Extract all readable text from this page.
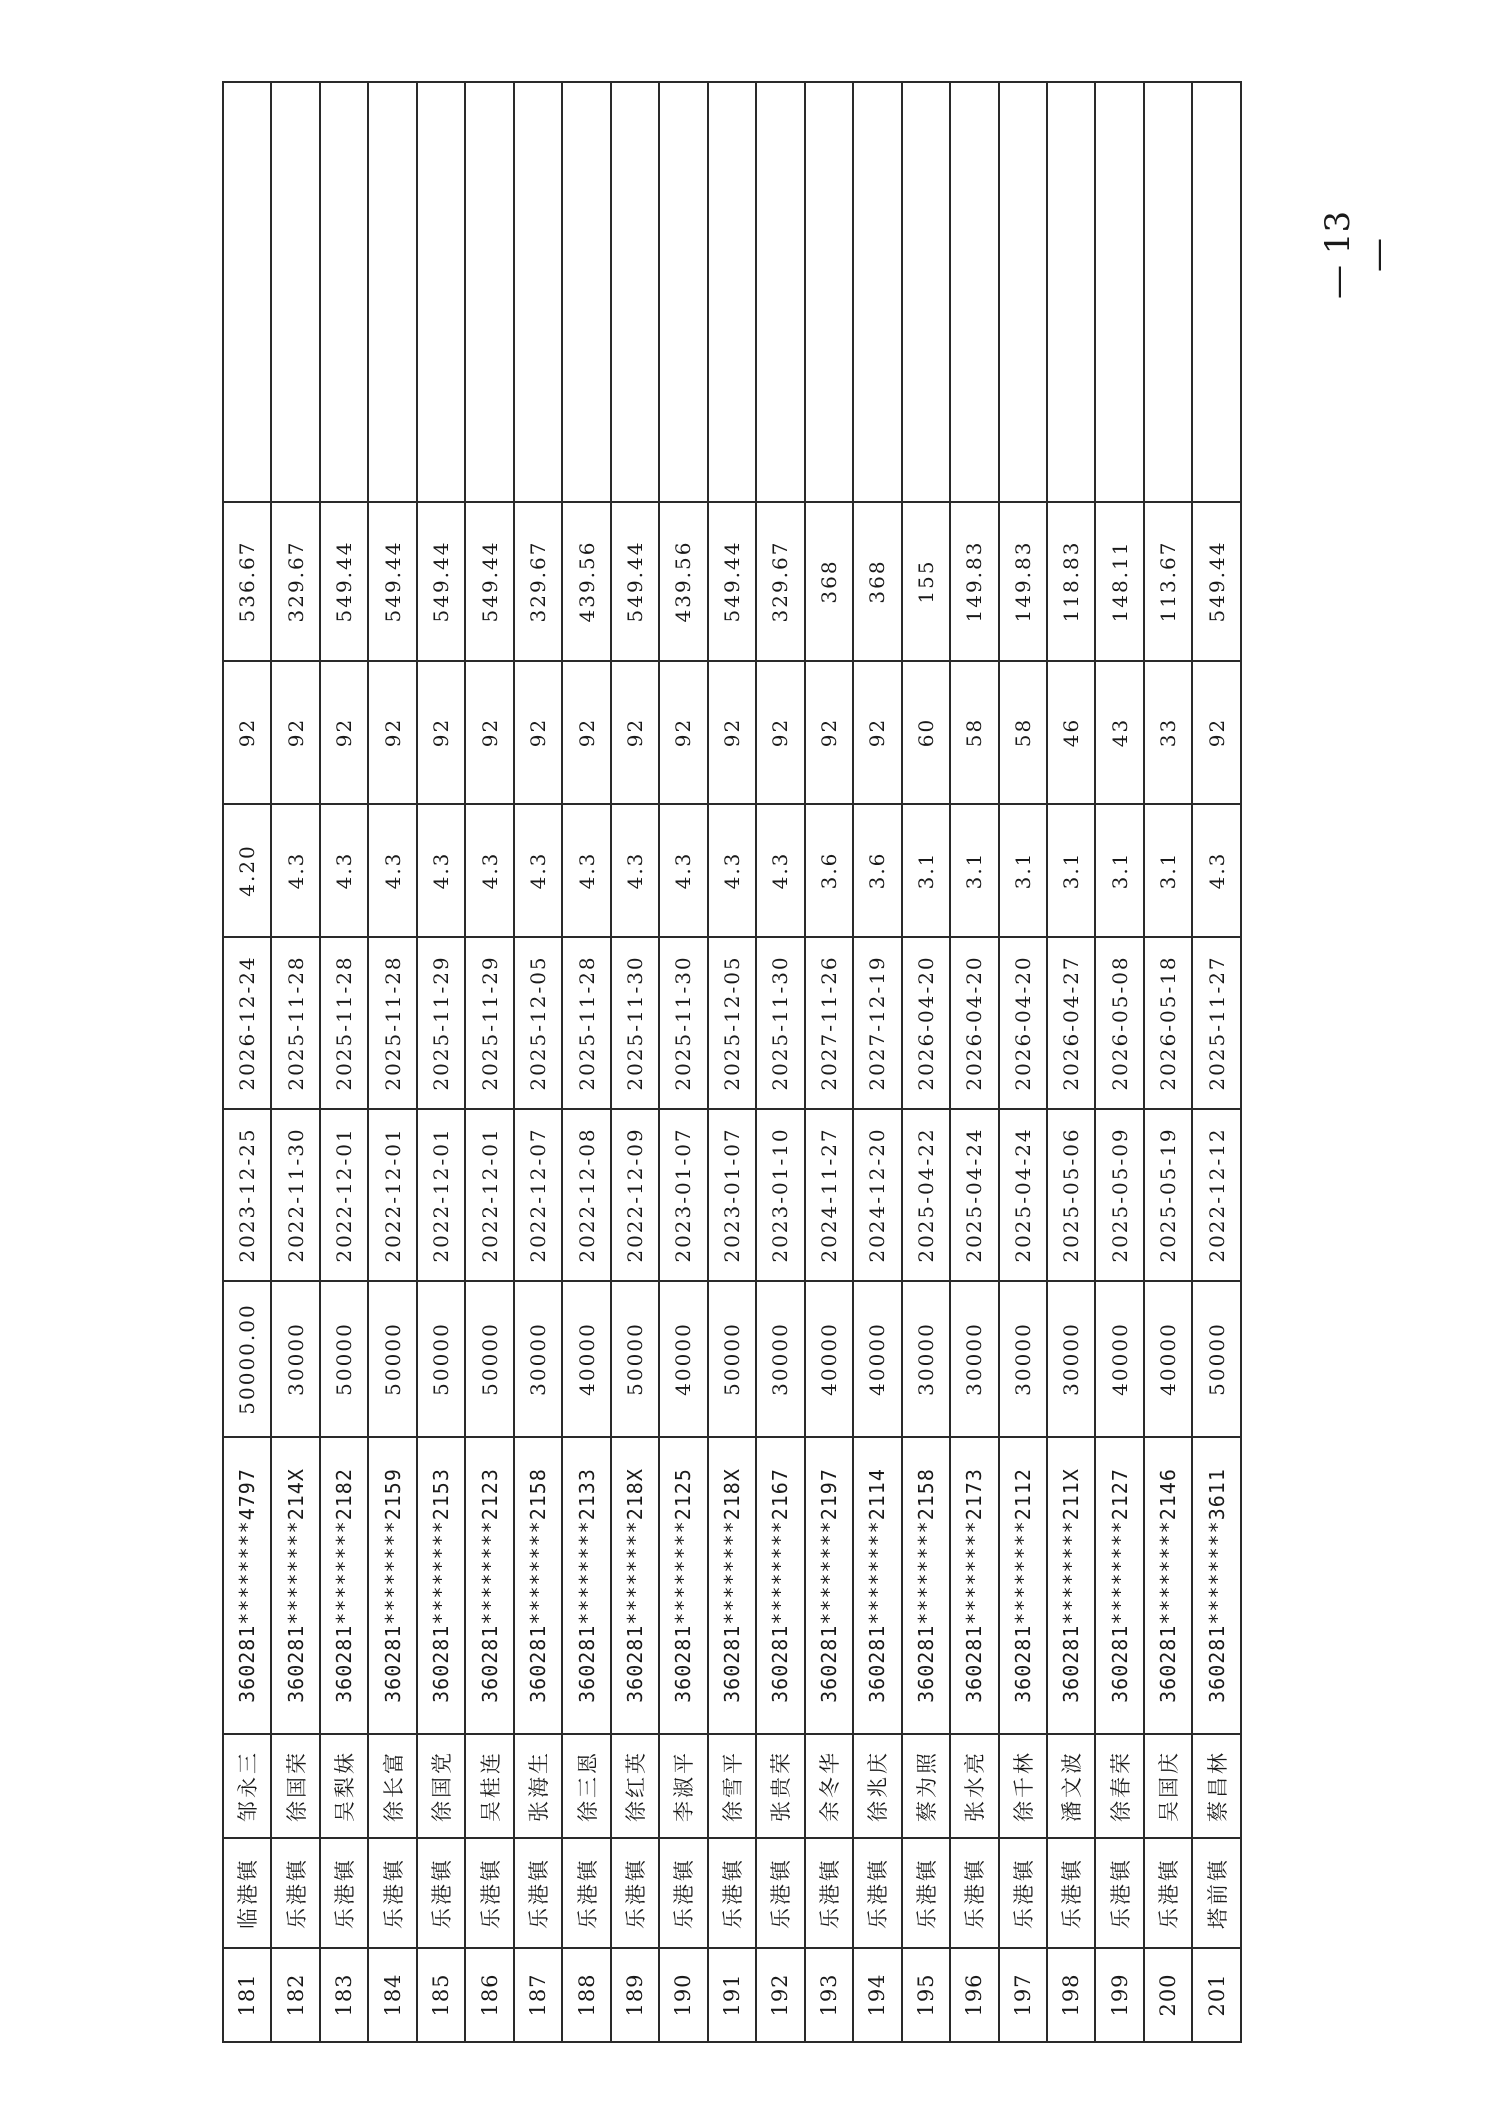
181	临港镇	邹永三	360281********4797	50000.00	2023-12-25	2026-12-24	4.20	92	536.67	
182	乐港镇	徐国荣	360281********214X	30000	2022-11-30	2025-11-28	4.3	92	329.67	
183	乐港镇	吴梨妹	360281********2182	50000	2022-12-01	2025-11-28	4.3	92	549.44	
184	乐港镇	徐长富	360281********2159	50000	2022-12-01	2025-11-28	4.3	92	549.44	
185	乐港镇	徐国党	360281********2153	50000	2022-12-01	2025-11-29	4.3	92	549.44	
186	乐港镇	吴桂连	360281********2123	50000	2022-12-01	2025-11-29	4.3	92	549.44	
187	乐港镇	张海生	360281********2158	30000	2022-12-07	2025-12-05	4.3	92	329.67	
188	乐港镇	徐三恩	360281********2133	40000	2022-12-08	2025-11-28	4.3	92	439.56	
189	乐港镇	徐红英	360281********218X	50000	2022-12-09	2025-11-30	4.3	92	549.44	
190	乐港镇	李淑平	360281********2125	40000	2023-01-07	2025-11-30	4.3	92	439.56	
191	乐港镇	徐雪平	360281********218X	50000	2023-01-07	2025-12-05	4.3	92	549.44	
192	乐港镇	张贵荣	360281********2167	30000	2023-01-10	2025-11-30	4.3	92	329.67	
193	乐港镇	余冬华	360281********2197	40000	2024-11-27	2027-11-26	3.6	92	368	
194	乐港镇	徐兆庆	360281********2114	40000	2024-12-20	2027-12-19	3.6	92	368	
195	乐港镇	蔡为照	360281********2158	30000	2025-04-22	2026-04-20	3.1	60	155	
196	乐港镇	张水亮	360281********2173	30000	2025-04-24	2026-04-20	3.1	58	149.83	
197	乐港镇	徐千林	360281********2112	30000	2025-04-24	2026-04-20	3.1	58	149.83	
198	乐港镇	潘文波	360281********211X	30000	2025-05-06	2026-04-27	3.1	46	118.83	
199	乐港镇	徐春荣	360281********2127	40000	2025-05-09	2026-05-08	3.1	43	148.11	
200	乐港镇	吴国庆	360281********2146	40000	2025-05-19	2026-05-18	3.1	33	113.67	
201	塔前镇	蔡昌林	360281********3611	50000	2022-12-12	2025-11-27	4.3	92	549.44	
— 13 —
